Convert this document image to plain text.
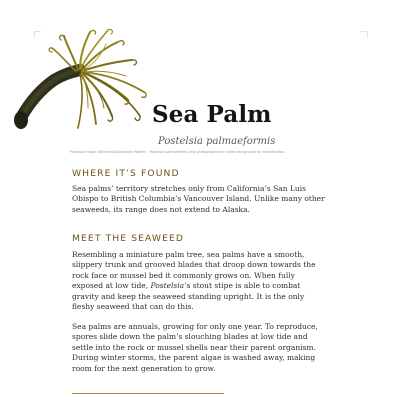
Sea Palm
Postelsia palmaeformis
Postelsia image (Wikimedia/Alexander Walker) · Postelsia palmaeformis kelp photographed on white background for identification.
WHERE IT’S FOUND

Sea palms’ territory stretches only from California’s San Luis Obispo to British Columbia’s Vancouver Island. Unlike many other seaweeds, its range does not extend to Alaska.

MEET THE SEAWEED

Resembling a miniature palm tree, sea palms have a smooth, slippery trunk and grooved blades that droop down towards the rock face or mussel bed it commonly grows on. When fully exposed at low tide, Postelsia’s stout stipe is able to combat gravity and keep the seaweed standing upright. It is the only fleshy seaweed that can do this.

Sea palms are annuals, growing for only one year. To reproduce, spores slide down the palm’s slouching blades at low tide and settle into the rock or mussel shells near their parent organism. During winter storms, the parent algae is washed away, making room for the next generation to grow.
